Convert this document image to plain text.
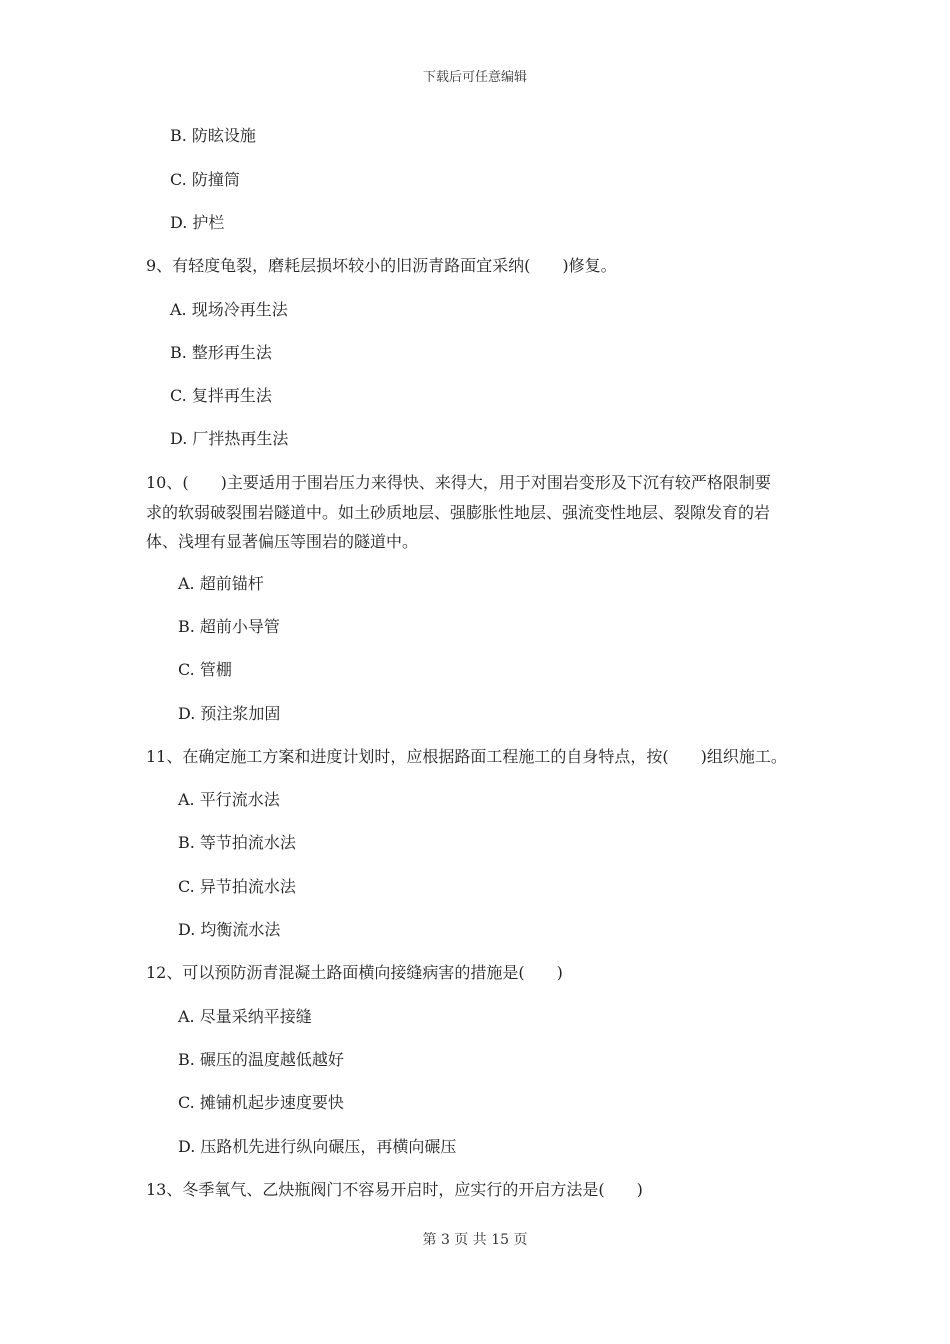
下载后可任意编辑
B. 防眩设施
C. 防撞筒
D. 护栏
9、有轻度龟裂，磨耗层损坏较小的旧沥青路面宜采纳(　　)修复。
A. 现场冷再生法
B. 整形再生法
C. 复拌再生法
D. 厂拌热再生法
10、(　　)主要适用于围岩压力来得快、来得大，用于对围岩变形及下沉有较严格限制要
求的软弱破裂围岩隧道中。如土砂质地层、强膨胀性地层、强流变性地层、裂隙发育的岩
体、浅埋有显著偏压等围岩的隧道中。
A. 超前锚杆
B. 超前小导管
C. 管棚
D. 预注浆加固
11、在确定施工方案和进度计划时，应根据路面工程施工的自身特点，按(　　)组织施工。
A. 平行流水法
B. 等节拍流水法
C. 异节拍流水法
D. 均衡流水法
12、可以预防沥青混凝土路面横向接缝病害的措施是(　　)
A. 尽量采纳平接缝
B. 碾压的温度越低越好
C. 摊铺机起步速度要快
D. 压路机先进行纵向碾压，再横向碾压
13、冬季氧气、乙炔瓶阀门不容易开启时，应实行的开启方法是(　　)
第 3 页 共 15 页
